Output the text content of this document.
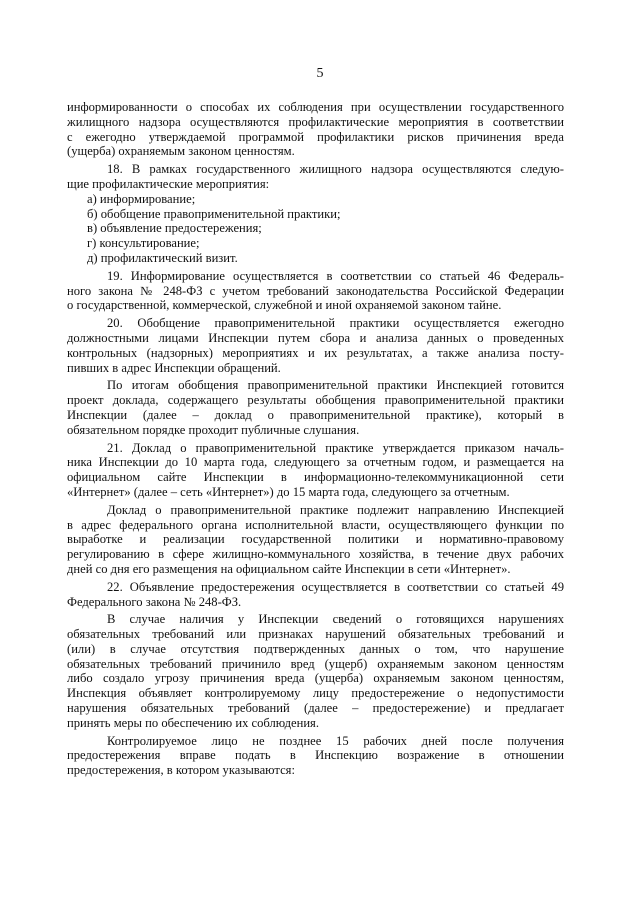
5
информированности о способах их соблюдения при осуществлении государственного
жилищного надзора осуществляются профилактические мероприятия в соответствии
с ежегодно утверждаемой программой профилактики рисков причинения вреда
(ущерба) охраняемым законом ценностям.
18. В рамках государственного жилищного надзора осуществляются следую-
щие профилактические мероприятия:
а) информирование;
б) обобщение правоприменительной практики;
в) объявление предостережения;
г) консультирование;
д) профилактический визит.
19. Информирование осуществляется в соответствии со статьей 46 Федераль-
ного закона № 248-ФЗ с учетом требований законодательства Российской Федерации
о государственной, коммерческой, служебной и иной охраняемой законом тайне.
20. Обобщение правоприменительной практики осуществляется ежегодно
должностными лицами Инспекции путем сбора и анализа данных о проведенных
контрольных (надзорных) мероприятиях и их результатах, а также анализа посту-
пивших в адрес Инспекции обращений.
По итогам обобщения правоприменительной практики Инспекцией готовится
проект доклада, содержащего результаты обобщения правоприменительной практики
Инспекции (далее – доклад о правоприменительной практике), который в
обязательном порядке проходит публичные слушания.
21. Доклад о правоприменительной практике утверждается приказом началь-
ника Инспекции до 10 марта года, следующего за отчетным годом, и размещается на
официальном сайте Инспекции в информационно-телекоммуникационной сети
«Интернет» (далее – сеть «Интернет») до 15 марта года, следующего за отчетным.
Доклад о правоприменительной практике подлежит направлению Инспекцией
в адрес федерального органа исполнительной власти, осуществляющего функции по
выработке и реализации государственной политики и нормативно-правовому
регулированию в сфере жилищно-коммунального хозяйства, в течение двух рабочих
дней со дня его размещения на официальном сайте Инспекции в сети «Интернет».
22. Объявление предостережения осуществляется в соответствии со статьей 49
Федерального закона № 248-ФЗ.
В случае наличия у Инспекции сведений о готовящихся нарушениях
обязательных требований или признаках нарушений обязательных требований и
(или) в случае отсутствия подтвержденных данных о том, что нарушение
обязательных требований причинило вред (ущерб) охраняемым законом ценностям
либо создало угрозу причинения вреда (ущерба) охраняемым законом ценностям,
Инспекция объявляет контролируемому лицу предостережение о недопустимости
нарушения обязательных требований (далее – предостережение) и предлагает
принять меры по обеспечению их соблюдения.
Контролируемое лицо не позднее 15 рабочих дней после получения
предостережения вправе подать в Инспекцию возражение в отношении
предостережения, в котором указываются:
